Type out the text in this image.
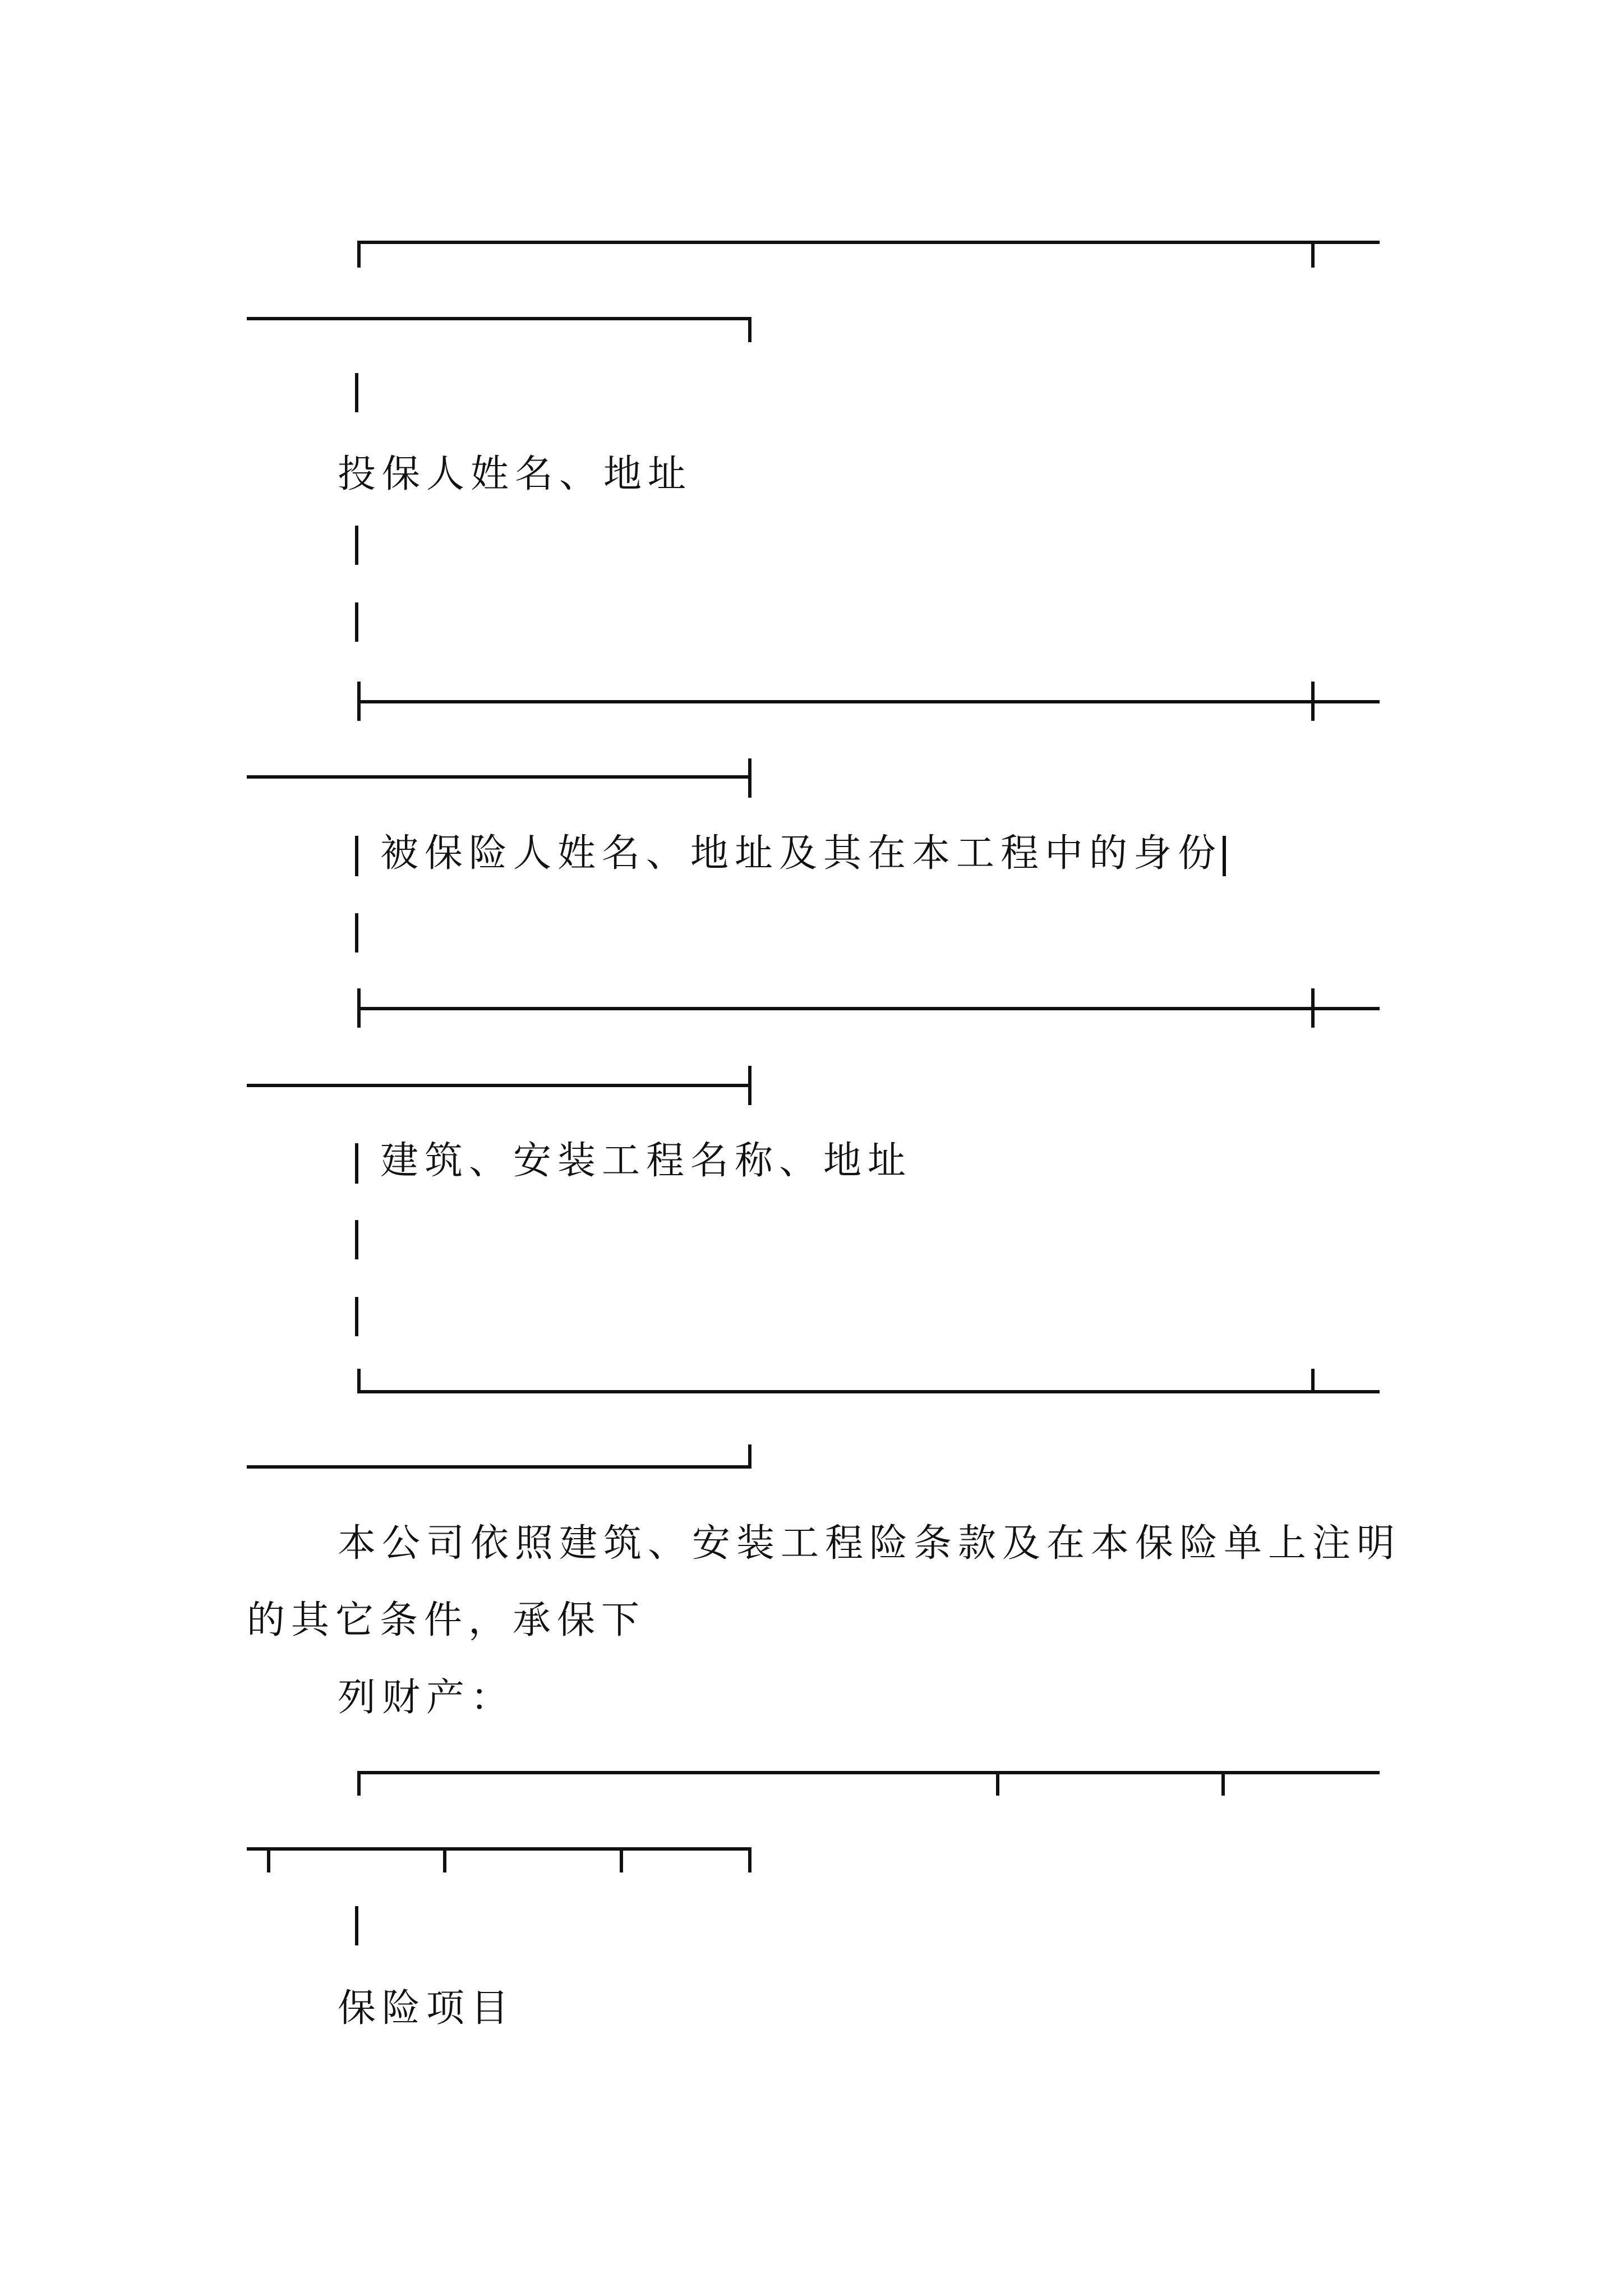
投保人姓名、地址
被保险人姓名、地址及其在本工程中的身份
建筑、安装工程名称、地址
本公司依照建筑、安装工程险条款及在本保险单上注明
的其它条件，承保下
列财产：
保险项目
